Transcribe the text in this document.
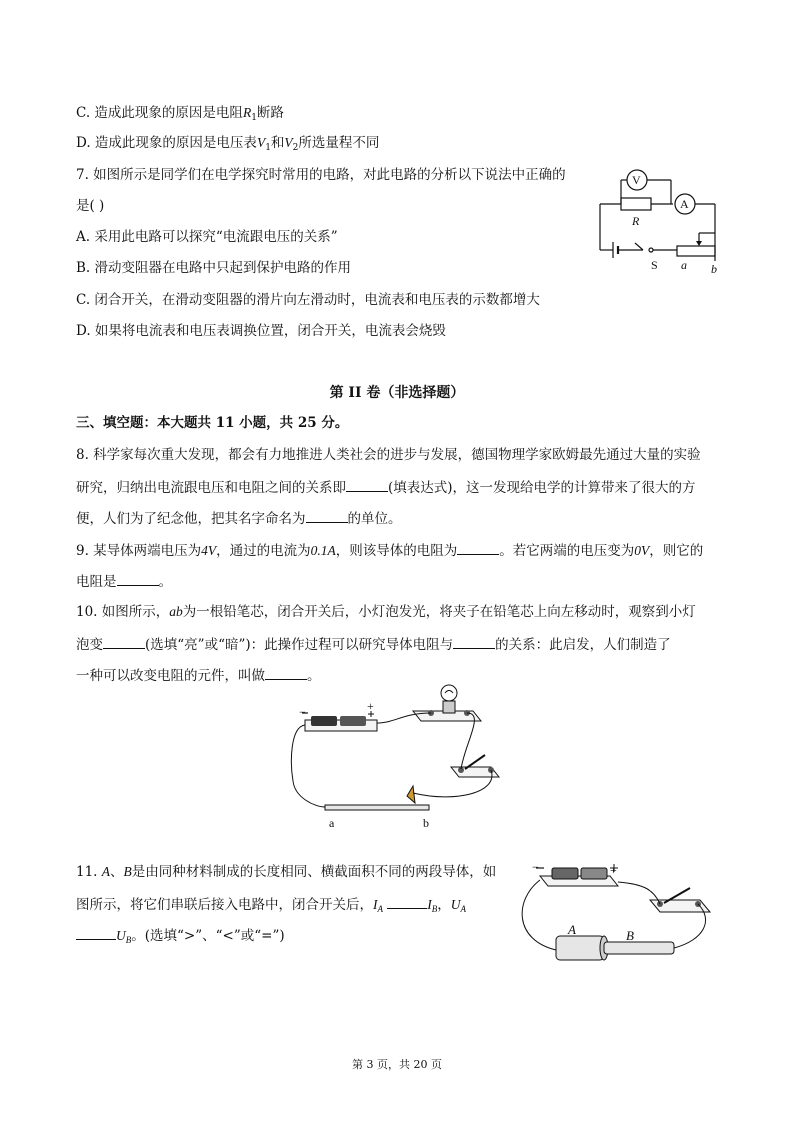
C. 造成此现象的原因是电阻$R_1$断路
D. 造成此现象的原因是电压表$V_1$和$V_2$所选量程不同
7. 如图所示是同学们在电学探究时常用的电路，对此电路的分析以下说法中正确的
是( )
A. 采用此电路可以探究“电流跟电压的关系”
B. 滑动变阻器在电路中只起到保护电路的作用
C. 闭合开关，在滑动变阻器的滑片向左滑动时，电流表和电压表的示数都增大
D. 如果将电流表和电压表调换位置，闭合开关，电流表会烧毁
V
A
R
S a b
第 II 卷（非选择题）
三、填空题：本大题共 11 小题，共 25 分。
8. 科学家每次重大发现，都会有力地推进人类社会的进步与发展，德国物理学家欧姆最先通过大量的实验
研究，归纳出电流跟电压和电阻之间的关系即	(填表达式)，这一发现给电学的计算带来了很大的方
便，人们为了纪念他，把其名字命名为	的单位。
9. 某导体两端电压为4V，通过的电流为0.1A，则该导体的电阻为	。若它两端的电压变为0V，则它的
电阻是	。
10. 如图所示，ab为一根铅笔芯，闭合开关后，小灯泡发光，将夹子在铅笔芯上向左移动时，观察到小灯
泡变	(选填“亮”或“暗”)：此操作过程可以研究导体电阻与	的关系：此启发，人们制造了
一种可以改变电阻的元件，叫做	。
−	+
a	b
11. A、B是由同种材料制成的长度相同、横截面积不同的两段导体，如
图所示，将它们串联后接入电路中，闭合开关后，$I_A$	$I_B$，$U_A$
$U_B$。(选填“>”、“<”或“=”)	A	B
−	+
第 3 页，共 20 页
